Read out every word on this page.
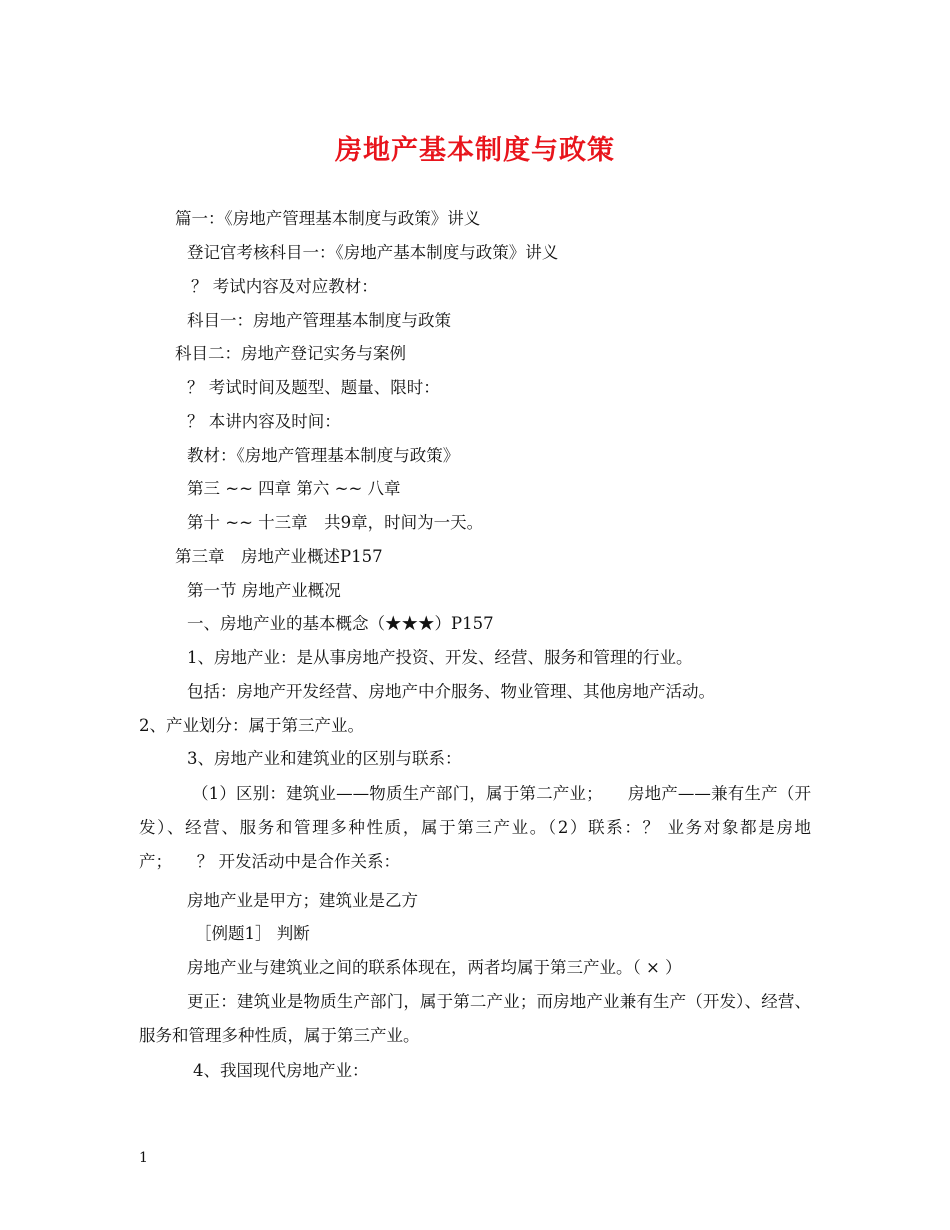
房地产基本制度与政策
篇一：《房地产管理基本制度与政策》讲义
登记官考核科目一：《房地产基本制度与政策》讲义
？ 考试内容及对应教材：
科目一：房地产管理基本制度与政策
科目二：房地产登记实务与案例
？ 考试时间及题型、题量、限时：
？ 本讲内容及时间：
教材：《房地产管理基本制度与政策》
第三 ~~ 四章 第六 ~~ 八章
第十 ~~ 十三章　共9章，时间为一天。
第三章　房地产业概述P157
第一节 房地产业概况
一、房地产业的基本概念（★★★）P157
1、房地产业：是从事房地产投资、开发、经营、服务和管理的行业。
包括：房地产开发经营、房地产中介服务、物业管理、其他房地产活动。
2、产业划分：属于第三产业。
3、房地产业和建筑业的区别与联系：
（1）区别：建筑业——物质生产部门，属于第二产业；　　房地产——兼有生产（开发）、经营、服务和管理多种性质，属于第三产业。（2）联系：？ 业务对象都是房地产；　　？ 开发活动中是合作关系：
房地产业是甲方；建筑业是乙方
［例题1］ 判断
房地产业与建筑业之间的联系体现在，两者均属于第三产业。（ × ）
更正：建筑业是物质生产部门，属于第二产业；而房地产业兼有生产（开发）、经营、服务和管理多种性质，属于第三产业。
4、我国现代房地产业：
1
